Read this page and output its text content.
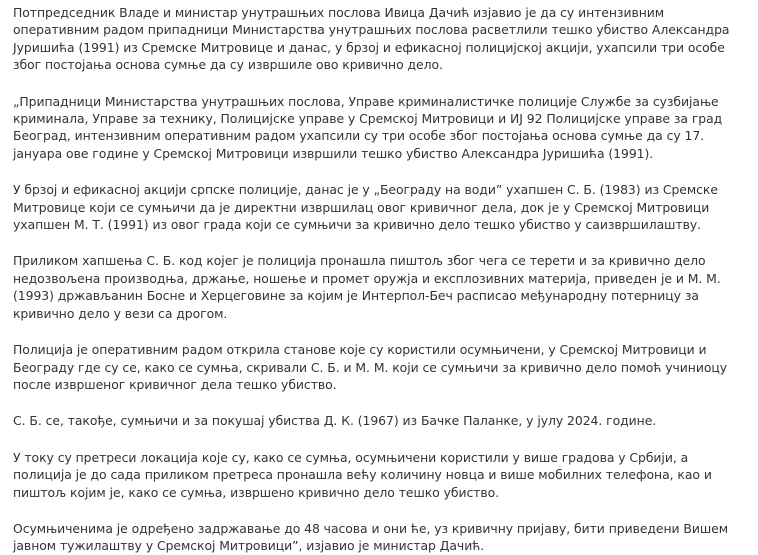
Потпредседник Владе и министар унутрашњих послова Ивица Дачић изјавио је да су интензивним оперативним радом припадници Министарства унутрашњих послова расветлили тешко убиство Александра Јуришића (1991) из Сремске Митровице и данас, у брзој и ефикасној полицијској акцији, ухапсили три особе због постојања основа сумње да су извршиле ово кривично дело.

„Припадници Министарства унутрашњих послова, Управе криминалистичке полиције Службе за сузбијање криминала, Управе за технику, Полицијске управе у Сремској Митровици и ИЈ 92 Полицијске управе за град Београд, интензивним оперативним радом ухапсили су три особе због постојања основа сумње да су 17. јануара ове године у Сремској Митровици извршили тешко убиство Александра Јуришића (1991).

У брзој и ефикасној акцији српске полиције, данас је у „Београду на води” ухапшен С. Б. (1983) из Сремске Митровице који се сумњичи да је директни извршилац овог кривичног дела, док је у Сремској Митровици ухапшен М. Т. (1991) из овог града који се сумњичи за кривично дело тешко убиство у саизвршилаштву.

Приликом хапшења С. Б. код којег је полиција пронашла пиштољ због чега се терети и за кривично дело недозвољена производња, држање, ношење и промет оружја и експлозивних материја, приведен је и М. М. (1993) држављанин Босне и Херцеговине за којим је Интерпол-Беч расписао међународну потерницу за кривично дело у вези са дрогом.

Полиција је оперативним радом открила станове које су користили осумњичени, у Сремској Митровици и Београду где су се, како се сумња, скривали С. Б. и М. М. који се сумњичи за кривично дело помоћ учиниоцу после извршеног кривичног дела тешко убиство.

С. Б. се, такође, сумњичи и за покушај убиства Д. К. (1967) из Бачке Паланке, у јулу 2024. године.

У току су претреси локација које су, како се сумња, осумњичени користили у више градова у Србији, а полиција је до сада приликом претреса пронашла већу количину новца и више мобилних телефона, као и пиштољ којим је, како се сумња, извршено кривично дело тешко убиство.

Осумњиченима је одређено задржавање до 48 часова и они ће, уз кривичну пријаву, бити приведени Вишем јавном тужилаштву у Сремској Митровици”, изјавио је министар Дачић.
